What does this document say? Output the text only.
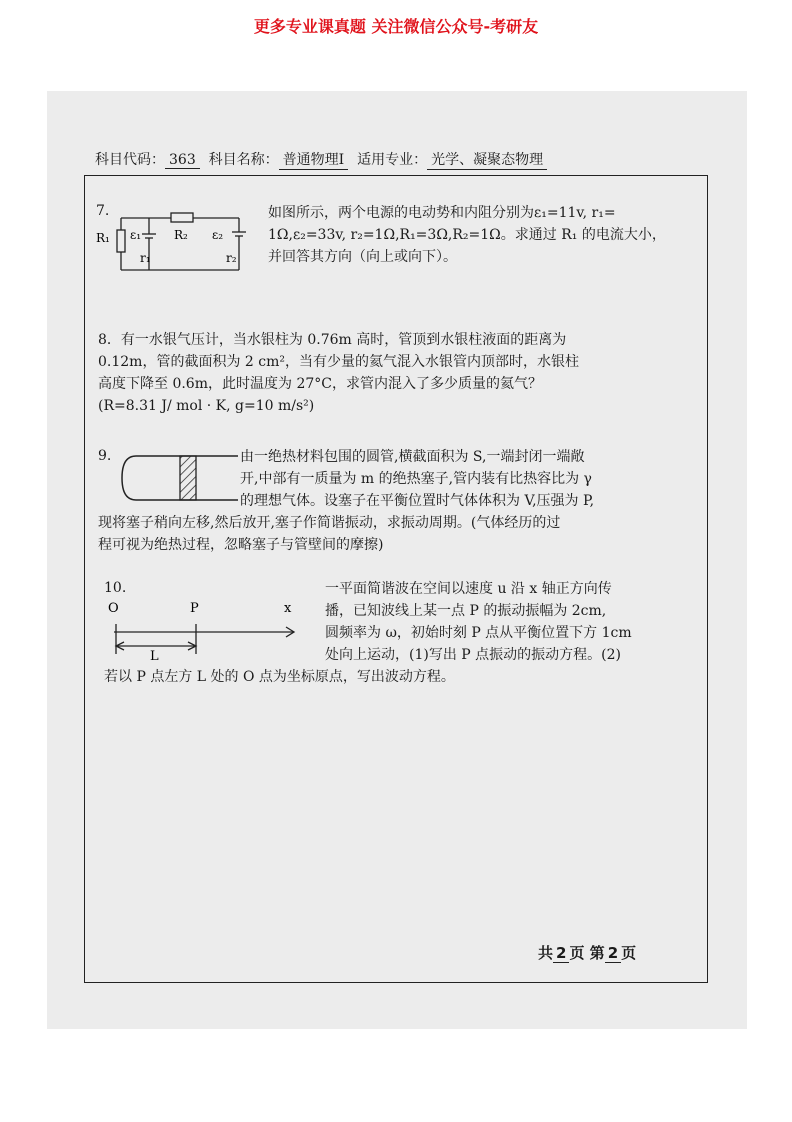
更多专业课真题 关注微信公众号-考研友
科目代码： 363 科目名称： 普通物理Ⅰ 适用专业： 光学、凝聚态物理
7.
R₁ ε₁
r₁
R₂ ε₂
r₂
如图所示，两个电源的电动势和内阻分别为ε₁=11v, r₁=
1Ω,ε₂=33v, r₂=1Ω,R₁=3Ω,R₂=1Ω。求通过 R₁ 的电流大小，
并回答其方向（向上或向下）。
8．有一水银气压计，当水银柱为 0.76m 高时，管顶到水银柱液面的距离为
0.12m，管的截面积为 2 cm²，当有少量的氦气混入水银管内顶部时，水银柱
高度下降至 0.6m，此时温度为 27°C，求管内混入了多少质量的氦气？
(R=8.31 J/ mol · K, g=10 m/s²)
9.	由一绝热材料包围的圆管,横截面积为 S,一端封闭一端敞
开,中部有一质量为 m 的绝热塞子,管内装有比热容比为 γ
的理想气体。设塞子在平衡位置时气体体积为 V,压强为 P,
现将塞子稍向左移,然后放开,塞子作简谐振动，求振动周期。(气体经历的过
程可视为绝热过程，忽略塞子与管壁间的摩擦)
10.
O	P	x
L
一平面简谐波在空间以速度 u 沿 x 轴正方向传
播，已知波线上某一点 P 的振动振幅为 2cm,
圆频率为 ω，初始时刻 P 点从平衡位置下方 1cm
处向上运动，(1)写出 P 点振动的振动方程。(2)
若以 P 点左方 L 处的 O 点为坐标原点，写出波动方程。
共 2 页 第 2 页
